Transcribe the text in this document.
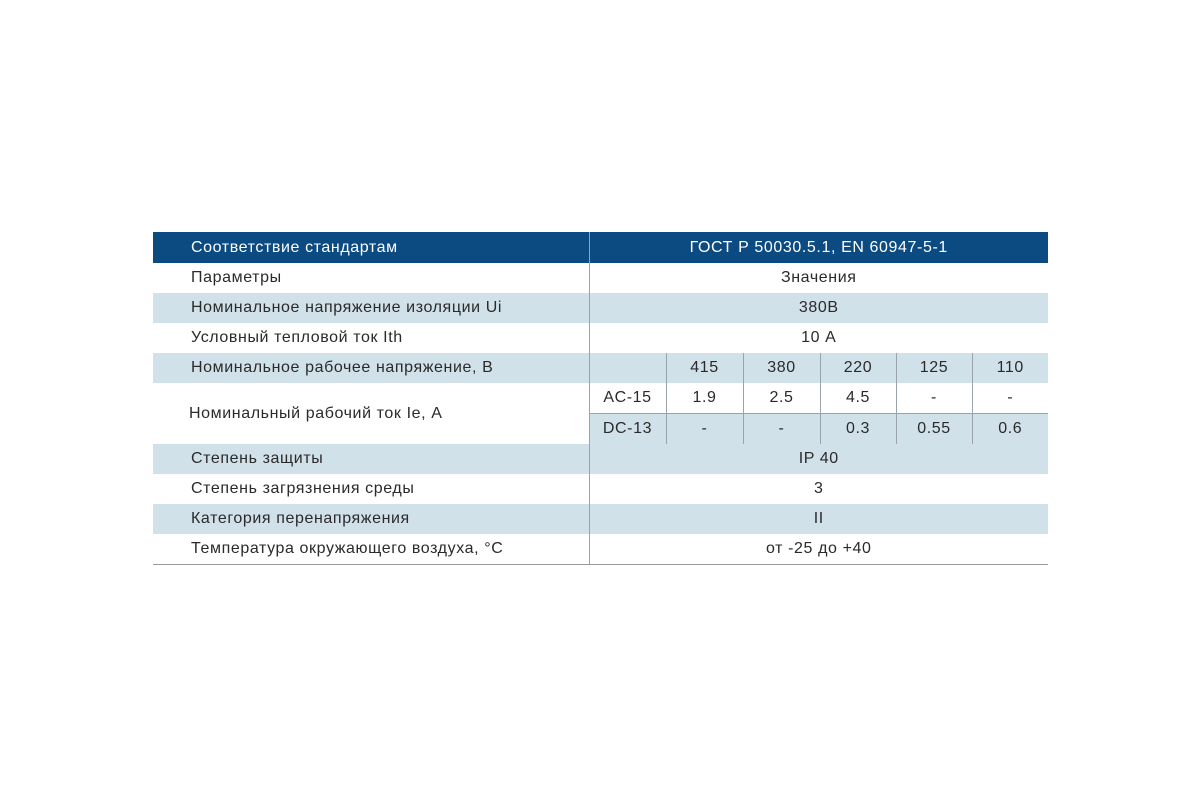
Соответствие стандартам	ГОСТ Р 50030.5.1, EN 60947-5-1					
Параметры	Значения					
Номинальное напряжение изоляции Ui	380В					
Условный тепловой ток Ith	10 А					
Номинальное рабочее напряжение, В		415	380	220	125	110
Номинальный рабочий ток Ie, А	AC-15	1.9	2.5	4.5	-	-
	DC-13	-	-	0.3	0.55	0.6
Степень защиты	IP 40					
Степень загрязнения среды	3					
Категория перенапряжения	II					
Температура окружающего воздуха, °С	от -25 до +40					
